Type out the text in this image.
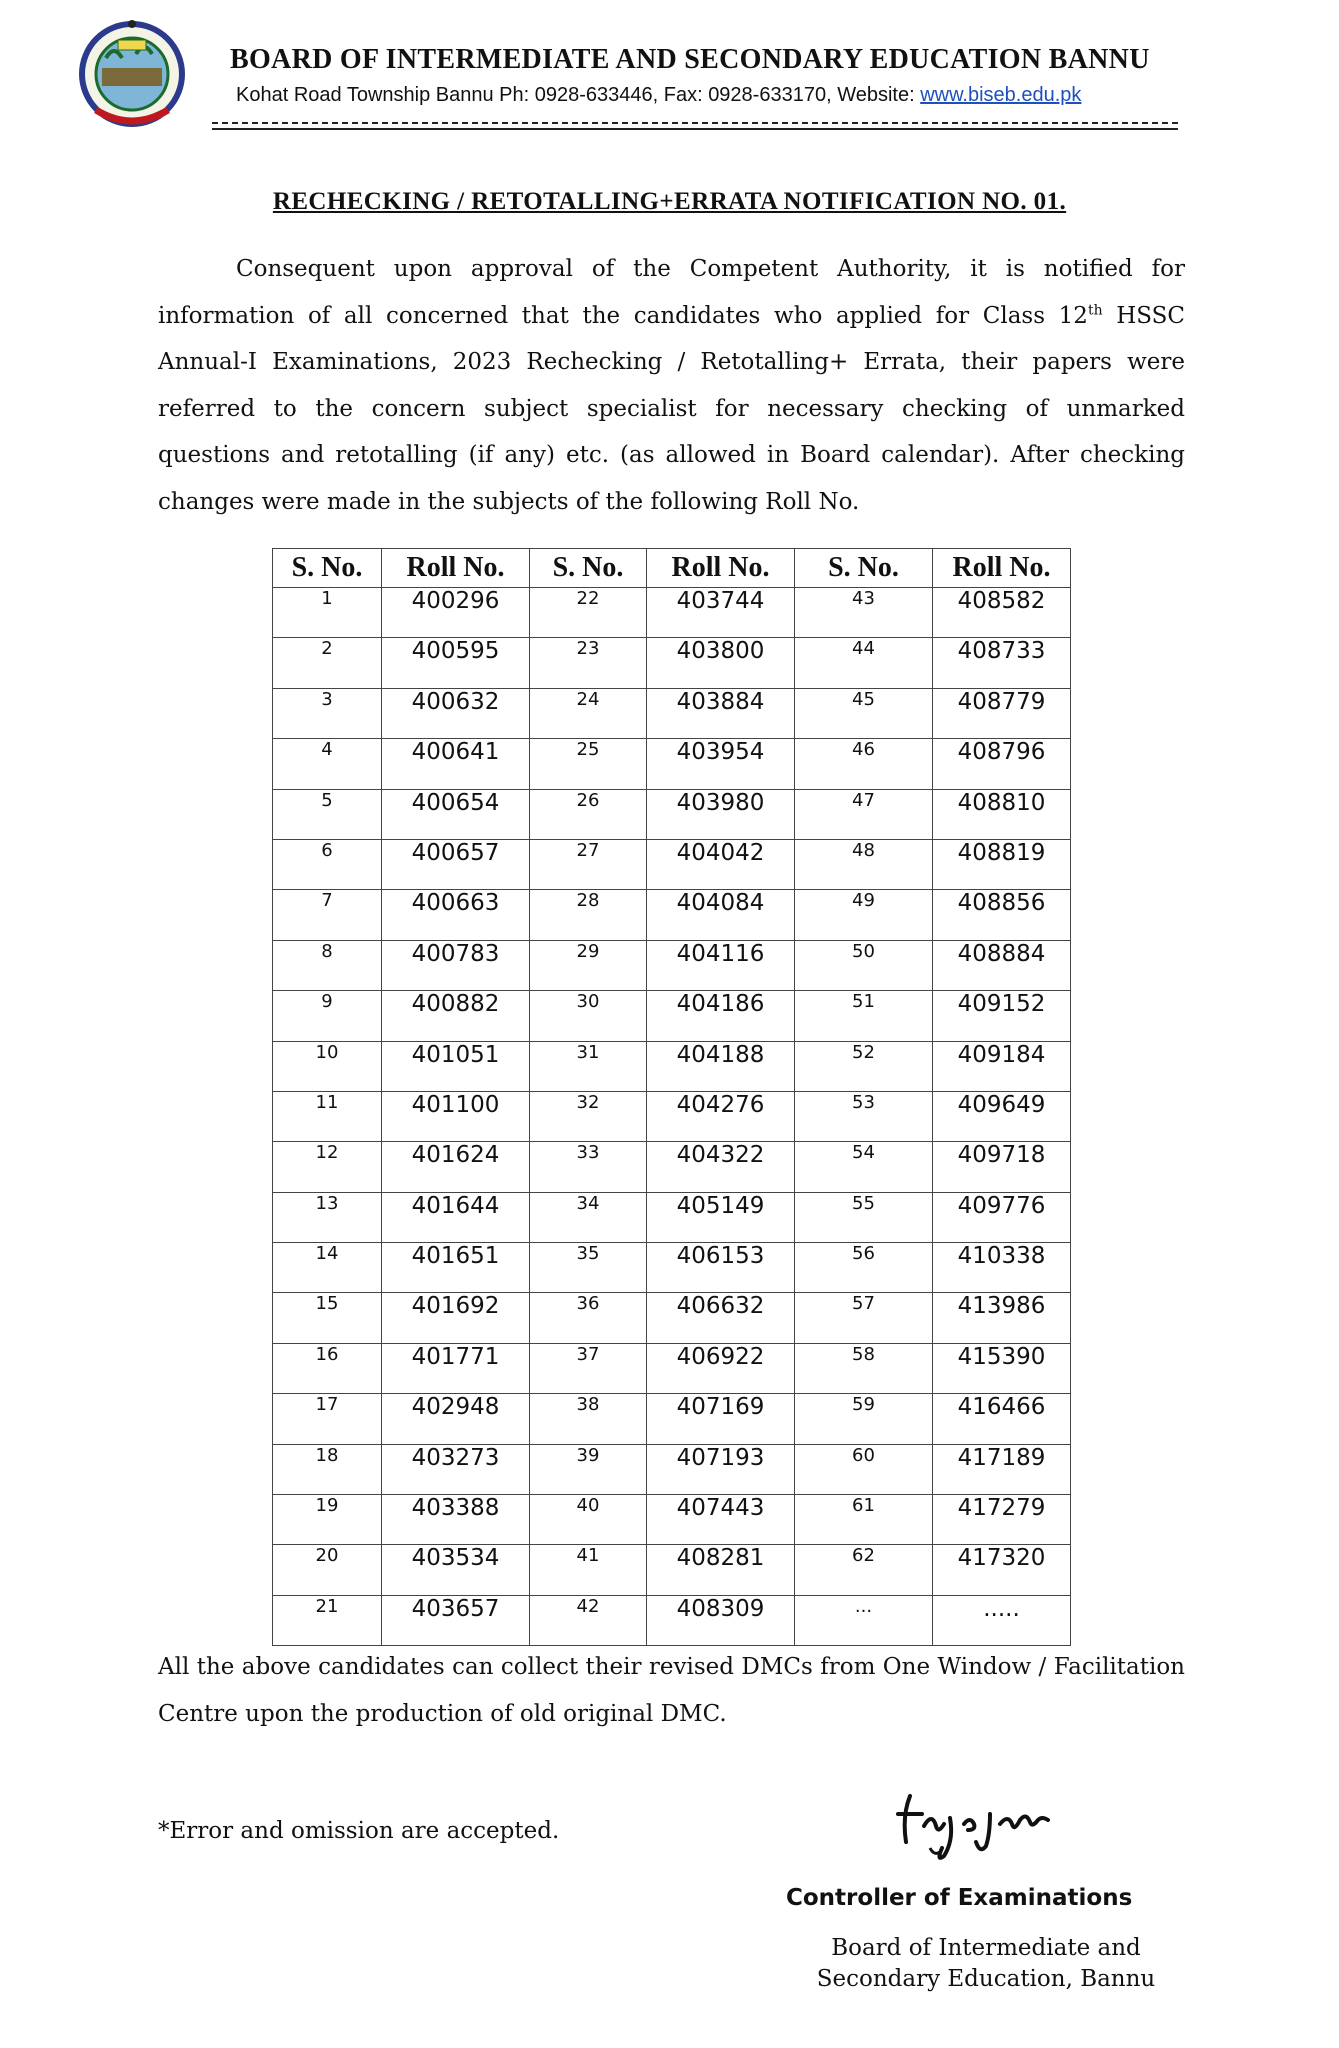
BOARD OF INTERMEDIATE AND SECONDARY EDUCATION BANNU
Kohat Road Township Bannu Ph: 0928-633446, Fax: 0928-633170, Website: www.biseb.edu.pk
RECHECKING / RETOTALLING+ERRATA NOTIFICATION NO. 01.
Consequent upon approval of the Competent Authority, it is notified for information of all concerned that the candidates who applied for Class 12th HSSC Annual-I Examinations, 2023 Rechecking / Retotalling+ Errata, their papers were referred to the concern subject specialist for necessary checking of unmarked questions and retotalling (if any) etc. (as allowed in Board calendar). After checking changes were made in the subjects of the following Roll No.
S. No.	Roll No.	S. No.	Roll No.	S. No.	Roll No.
1	400296	22	403744	43	408582
2	400595	23	403800	44	408733
3	400632	24	403884	45	408779
4	400641	25	403954	46	408796
5	400654	26	403980	47	408810
6	400657	27	404042	48	408819
7	400663	28	404084	49	408856
8	400783	29	404116	50	408884
9	400882	30	404186	51	409152
10	401051	31	404188	52	409184
11	401100	32	404276	53	409649
12	401624	33	404322	54	409718
13	401644	34	405149	55	409776
14	401651	35	406153	56	410338
15	401692	36	406632	57	413986
16	401771	37	406922	58	415390
17	402948	38	407169	59	416466
18	403273	39	407193	60	417189
19	403388	40	407443	61	417279
20	403534	41	408281	62	417320
21	403657	42	408309	...	.....
All the above candidates can collect their revised DMCs from One Window / Facilitation Centre upon the production of old original DMC.
*Error and omission are accepted.
Controller of Examinations
Board of Intermediate and
Secondary Education, Bannu
